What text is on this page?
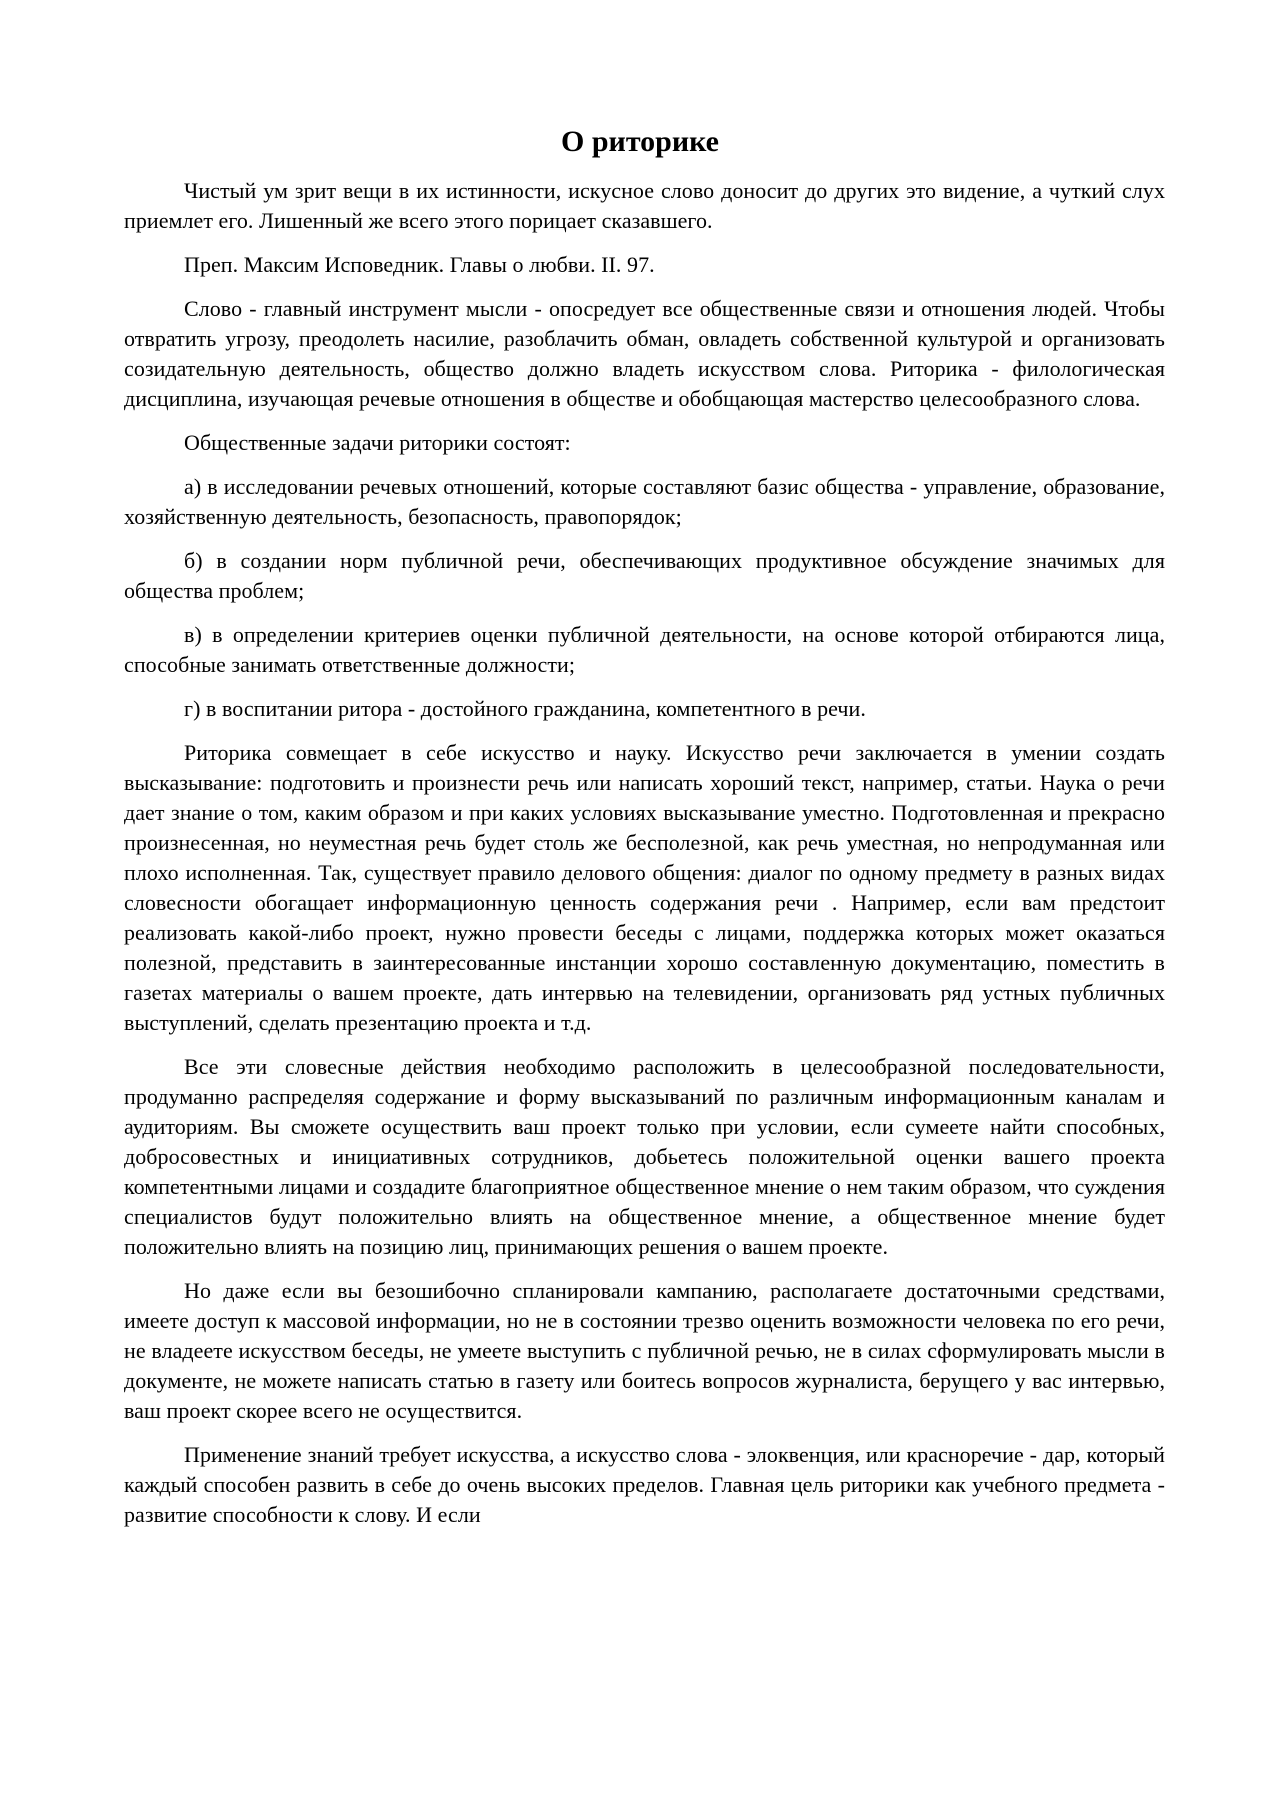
О риторике

Чистый ум зрит вещи в их истинности, искусное слово доносит до других это видение, а чуткий слух приемлет его. Лишенный же всего этого порицает сказавшего.

Преп. Максим Исповедник. Главы о любви. II. 97.

Слово - главный инструмент мысли - опосредует все общественные связи и отношения людей. Чтобы отвратить угрозу, преодолеть насилие, разоблачить обман, овладеть собственной культурой и организовать созидательную деятельность, общество должно владеть искусством слова. Риторика - филологическая дисциплина, изучающая речевые отношения в обществе и обобщающая мастерство целесообразного слова.

Общественные задачи риторики состоят:

а) в исследовании речевых отношений, которые составляют базис общества - управление, образование, хозяйственную деятельность, безопасность, правопорядок;

б) в создании норм публичной речи, обеспечивающих продуктивное обсуждение значимых для общества проблем;

в) в определении критериев оценки публичной деятельности, на основе которой отбираются лица, способные занимать ответственные должности;

г) в воспитании ритора - достойного гражданина, компетентного в речи.

Риторика совмещает в себе искусство и науку. Искусство речи заключается в умении создать высказывание: подготовить и произнести речь или написать хороший текст, например, статьи. Наука о речи дает знание о том, каким образом и при каких условиях высказывание уместно. Подготовленная и прекрасно произнесенная, но неуместная речь будет столь же бесполезной, как речь уместная, но непродуманная или плохо исполненная. Так, существует правило делового общения: диалог по одному предмету в разных видах словесности обогащает информационную ценность содержания речи . Например, если вам предстоит реализовать какой-либо проект, нужно провести беседы с лицами, поддержка которых может оказаться полезной, представить в заинтересованные инстанции хорошо составленную документацию, поместить в газетах материалы о вашем проекте, дать интервью на телевидении, организовать ряд устных публичных выступлений, сделать презентацию проекта и т.д.

Все эти словесные действия необходимо расположить в целесообразной последовательности, продуманно распределяя содержание и форму высказываний по различным информационным каналам и аудиториям. Вы сможете осуществить ваш проект только при условии, если сумеете найти способных, добросовестных и инициативных сотрудников, добьетесь положительной оценки вашего проекта компетентными лицами и создадите благоприятное общественное мнение о нем таким образом, что суждения специалистов будут положительно влиять на общественное мнение, а общественное мнение будет положительно влиять на позицию лиц, принимающих решения о вашем проекте.

Но даже если вы безошибочно спланировали кампанию, располагаете достаточными средствами, имеете доступ к массовой информации, но не в состоянии трезво оценить возможности человека по его речи, не владеете искусством беседы, не умеете выступить с публичной речью, не в силах сформулировать мысли в документе, не можете написать статью в газету или боитесь вопросов журналиста, берущего у вас интервью, ваш проект скорее всего не осуществится.

Применение знаний требует искусства, а искусство слова - элоквенция, или красноречие - дар, который каждый способен развить в себе до очень высоких пределов. Главная цель риторики как учебного предмета - развитие способности к слову. И если
